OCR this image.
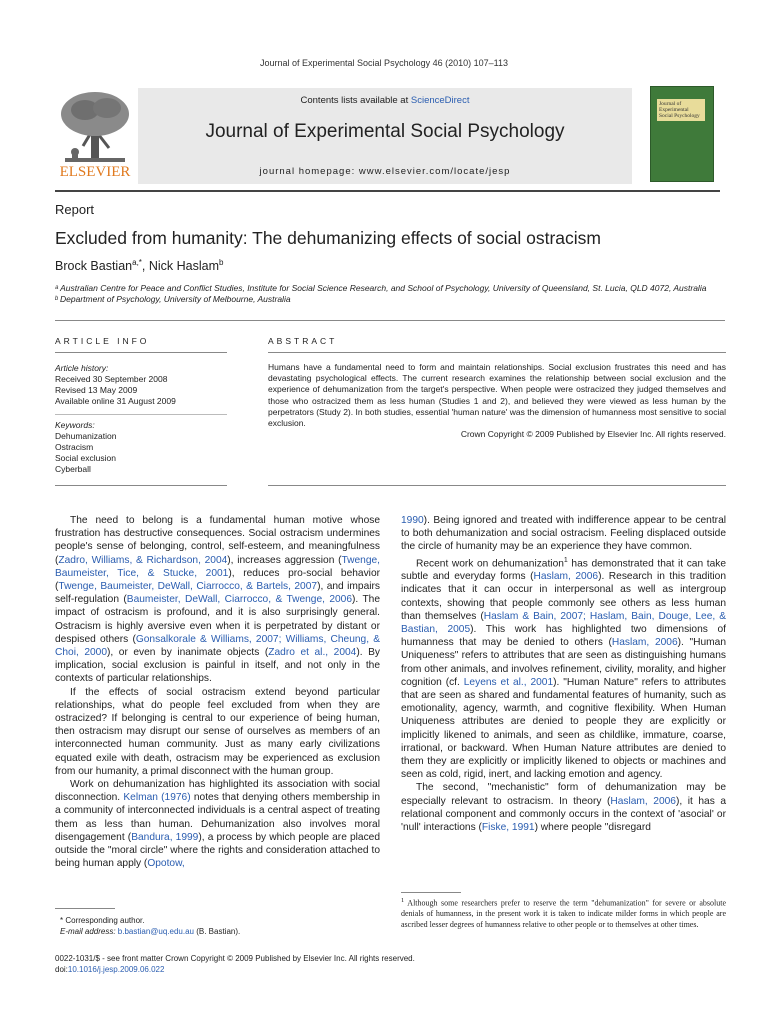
Journal of Experimental Social Psychology 46 (2010) 107–113
ELSEVIER
Contents lists available at ScienceDirect
Journal of Experimental Social Psychology
journal homepage: www.elsevier.com/locate/jesp
Journal of Experimental Social Psychology
Report
Excluded from humanity: The dehumanizing effects of social ostracism
Brock Bastian$^{a,*}$, Nick Haslam$^b$
ᵃ Australian Centre for Peace and Conflict Studies, Institute for Social Science Research, and School of Psychology, University of Queensland, St. Lucia, QLD 4072, Australia
ᵇ Department of Psychology, University of Melbourne, Australia
ARTICLE INFO	ABSTRACT
Article history:
Received 30 September 2008
Revised 13 May 2009
Available online 31 August 2009
Keywords:
Dehumanization
Ostracism
Social exclusion
Cyberball
Humans have a fundamental need to form and maintain relationships. Social exclusion frustrates this need and has devastating psychological effects. The current research examines the relationship between social exclusion and the experience of dehumanization from the target's perspective. When people were ostracized they judged themselves and those who ostracized them as less human (Studies 1 and 2), and believed they were viewed as less human by the perpetrators (Study 2). In both studies, essential 'human nature' was the dimension of humanness most sensitive to social exclusion.
Crown Copyright © 2009 Published by Elsevier Inc. All rights reserved.

The need to belong is a fundamental human motive whose frustration has destructive consequences. Social ostracism undermines people's sense of belonging, control, self-esteem, and meaningfulness (Zadro, Williams, & Richardson, 2004), increases aggression (Twenge, Baumeister, Tice, & Stucke, 2001), reduces pro-social behavior (Twenge, Baumeister, DeWall, Ciarrocco, & Bartels, 2007), and impairs self-regulation (Baumeister, DeWall, Ciarrocco, & Twenge, 2006). The impact of ostracism is profound, and it is also surprisingly general. Ostracism is highly aversive even when it is perpetrated by distant or despised others (Gonsalkorale & Williams, 2007; Williams, Cheung, & Choi, 2000), or even by inanimate objects (Zadro et al., 2004). By implication, social exclusion is painful in itself, and not only in the contexts of particular relationships.

If the effects of social ostracism extend beyond particular relationships, what do people feel excluded from when they are ostracized? If belonging is central to our experience of being human, then ostracism may disrupt our sense of ourselves as members of an interconnected human community. Just as many early civilizations equated exile with death, ostracism may be experienced as exclusion from our humanity, a primal disconnect with the human group.

Work on dehumanization has highlighted its association with social disconnection. Kelman (1976) notes that denying others membership in a community of interconnected individuals is a central aspect of treating them as less than human. Dehumanization also involves moral disengagement (Bandura, 1999), a process by which people are placed outside the "moral circle" where the rights and consideration attached to being human apply (Opotow,

1990). Being ignored and treated with indifference appear to be central to both dehumanization and social ostracism. Feeling displaced outside the circle of humanity may be an experience they have common.

Recent work on dehumanization$^1$ has demonstrated that it can take subtle and everyday forms (Haslam, 2006). Research in this tradition indicates that it can occur in interpersonal as well as intergroup contexts, showing that people commonly see others as less human than themselves (Haslam & Bain, 2007; Haslam, Bain, Douge, Lee, & Bastian, 2005). This work has highlighted two dimensions of humanness that may be denied to others (Haslam, 2006). "Human Uniqueness" refers to attributes that are seen as distinguishing humans from other animals, and involves refinement, civility, morality, and higher cognition (cf. Leyens et al., 2001). "Human Nature" refers to attributes that are seen as shared and fundamental features of humanity, such as emotionality, agency, warmth, and cognitive flexibility. When Human Uniqueness attributes are denied to people they are explicitly or implicitly likened to animals, and seen as childlike, immature, coarse, irrational, or backward. When Human Nature attributes are denied to them they are explicitly or implicitly likened to objects or machines and seen as cold, rigid, inert, and lacking emotion and agency.

The second, "mechanistic" form of dehumanization may be especially relevant to ostracism. In theory (Haslam, 2006), it has a relational component and commonly occurs in the context of 'asocial' or 'null' interactions (Fiske, 1991) where people "disregard

* Corresponding author.
E-mail address: b.bastian@uq.edu.au (B. Bastian).
$^1$ Although some researchers prefer to reserve the term "dehumanization" for severe or absolute denials of humanness, in the present work it is taken to indicate milder forms in which people are ascribed lesser degrees of humanness relative to other people or to themselves at other times.
0022-1031/$ - see front matter Crown Copyright © 2009 Published by Elsevier Inc. All rights reserved.
doi:10.1016/j.jesp.2009.06.022
